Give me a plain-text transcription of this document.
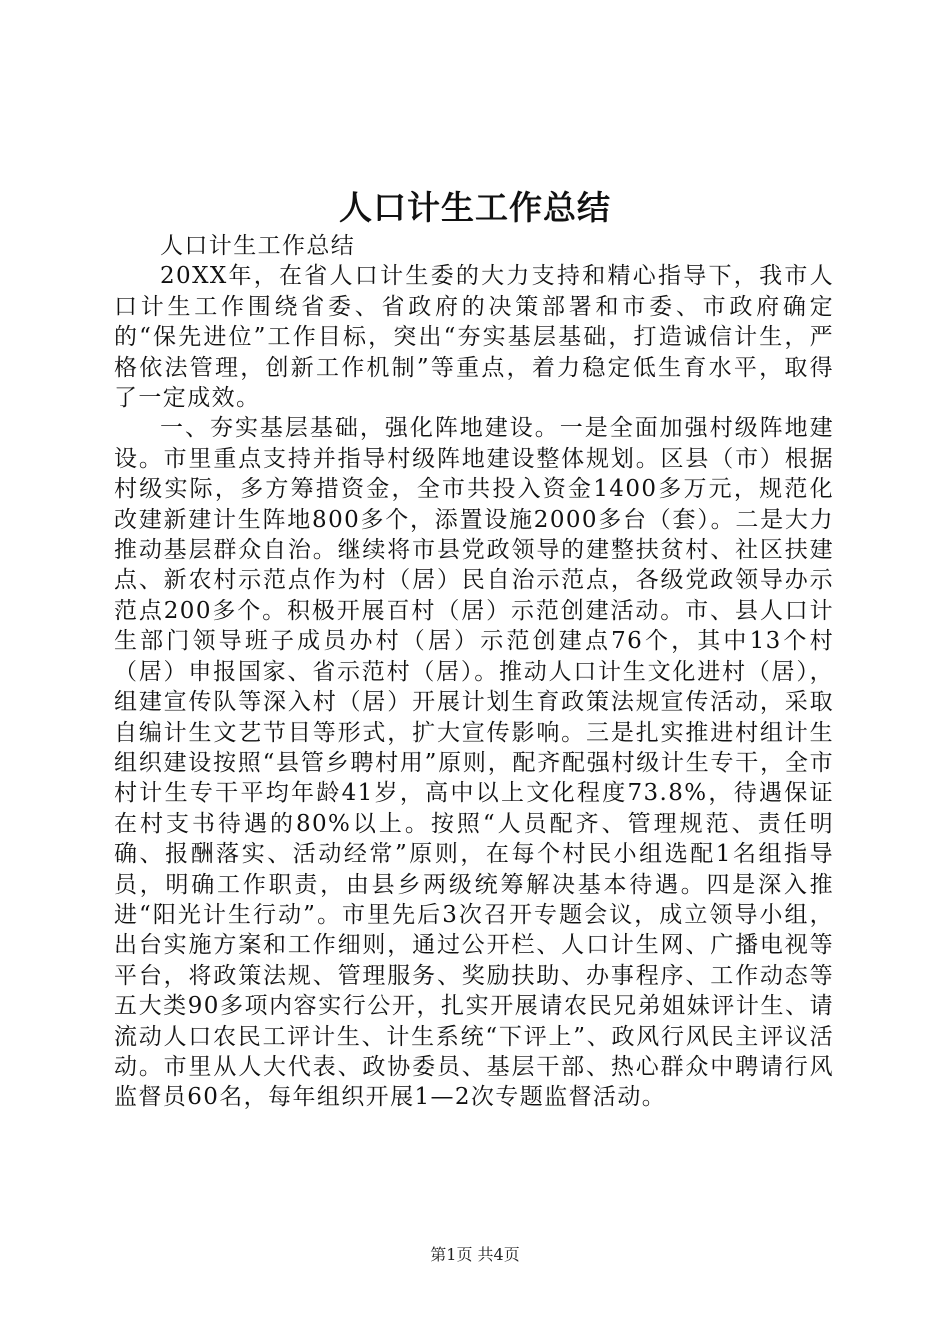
人口计生工作总结

人口计生工作总结

20XX年，在省人口计生委的大力支持和精心指导下，我市人口计生工作围绕省委、省政府的决策部署和市委、市政府确定的“保先进位”工作目标，突出“夯实基层基础，打造诚信计生，严格依法管理，创新工作机制”等重点，着力稳定低生育水平，取得了一定成效。

一、夯实基层基础，强化阵地建设。一是全面加强村级阵地建设。市里重点支持并指导村级阵地建设整体规划。区县（市）根据村级实际，多方筹措资金，全市共投入资金1400多万元，规范化改建新建计生阵地800多个，添置设施2000多台（套）。二是大力推动基层群众自治。继续将市县党政领导的建整扶贫村、社区扶建点、新农村示范点作为村（居）民自治示范点，各级党政领导办示范点200多个。积极开展百村（居）示范创建活动。市、县人口计生部门领导班子成员办村（居）示范创建点76个，其中13个村（居）申报国家、省示范村（居）。推动人口计生文化进村（居），组建宣传队等深入村（居）开展计划生育政策法规宣传活动，采取自编计生文艺节目等形式，扩大宣传影响。三是扎实推进村组计生组织建设按照“县管乡聘村用”原则，配齐配强村级计生专干，全市村计生专干平均年龄41岁，高中以上文化程度73.8%，待遇保证在村支书待遇的80%以上。按照“人员配齐、管理规范、责任明确、报酬落实、活动经常”原则，在每个村民小组选配1名组指导员，明确工作职责，由县乡两级统筹解决基本待遇。四是深入推进“阳光计生行动”。市里先后3次召开专题会议，成立领导小组，出台实施方案和工作细则，通过公开栏、人口计生网、广播电视等平台，将政策法规、管理服务、奖励扶助、办事程序、工作动态等五大类90多项内容实行公开，扎实开展请农民兄弟姐妹评计生、请流动人口农民工评计生、计生系统“下评上”、政风行风民主评议活动。市里从人大代表、政协委员、基层干部、热心群众中聘请行风监督员60名，每年组织开展1—2次专题监督活动。

第1页 共4页
